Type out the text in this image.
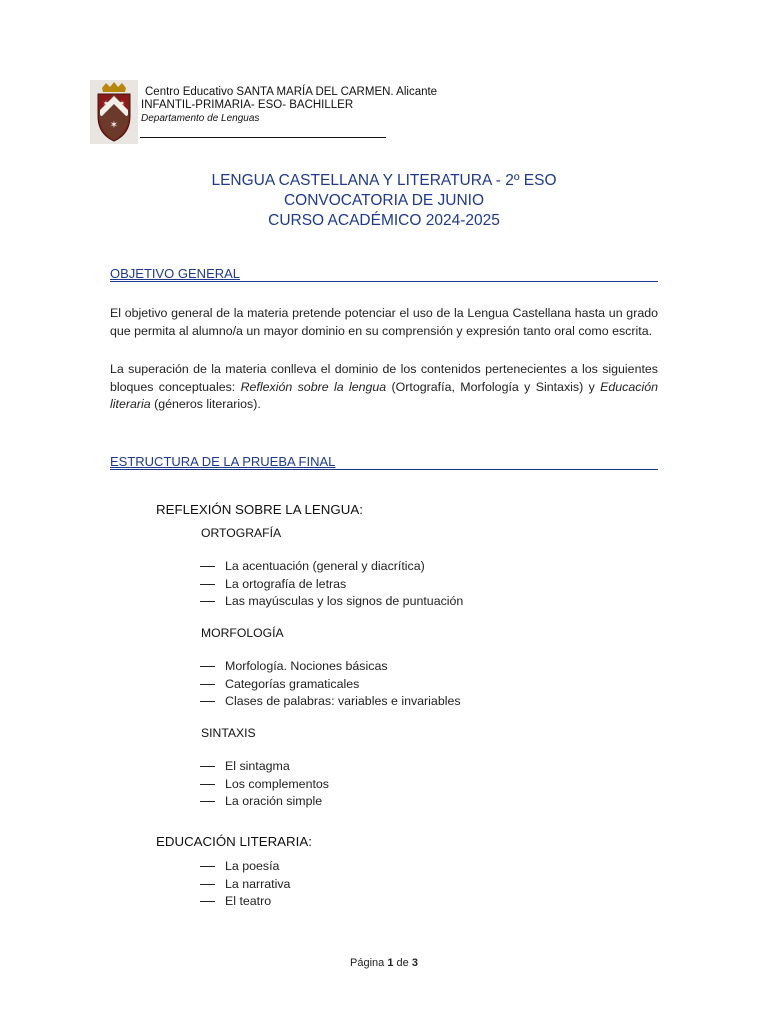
✶ ✶
✶
Centro Educativo SANTA MARÍA DEL CARMEN. Alicante
INFANTIL-PRIMARIA- ESO- BACHILLER
Departamento de Lenguas
LENGUA CASTELLANA Y LITERATURA - 2º ESO
CONVOCATORIA DE JUNIO
CURSO ACADÉMICO 2024-2025
OBJETIVO GENERAL
El objetivo general de la materia pretende potenciar el uso de la Lengua Castellana hasta un grado que permita al alumno/a un mayor dominio en su comprensión y expresión tanto oral como escrita.
La superación de la materia conlleva el dominio de los contenidos pertenecientes a los siguientes bloques conceptuales: Reflexión sobre la lengua (Ortografía, Morfología y Sintaxis) y Educación literaria (géneros literarios).
ESTRUCTURA DE LA PRUEBA FINAL
REFLEXIÓN SOBRE LA LENGUA:
ORTOGRAFÍA
La acentuación (general y diacrítica)
La ortografía de letras
Las mayúsculas y los signos de puntuación
MORFOLOGÍA
Morfología. Nociones básicas
Categorías gramaticales
Clases de palabras: variables e invariables
SINTAXIS
El sintagma
Los complementos
La oración simple
EDUCACIÓN LITERARIA:
La poesía
La narrativa
El teatro
Página 1 de 3
